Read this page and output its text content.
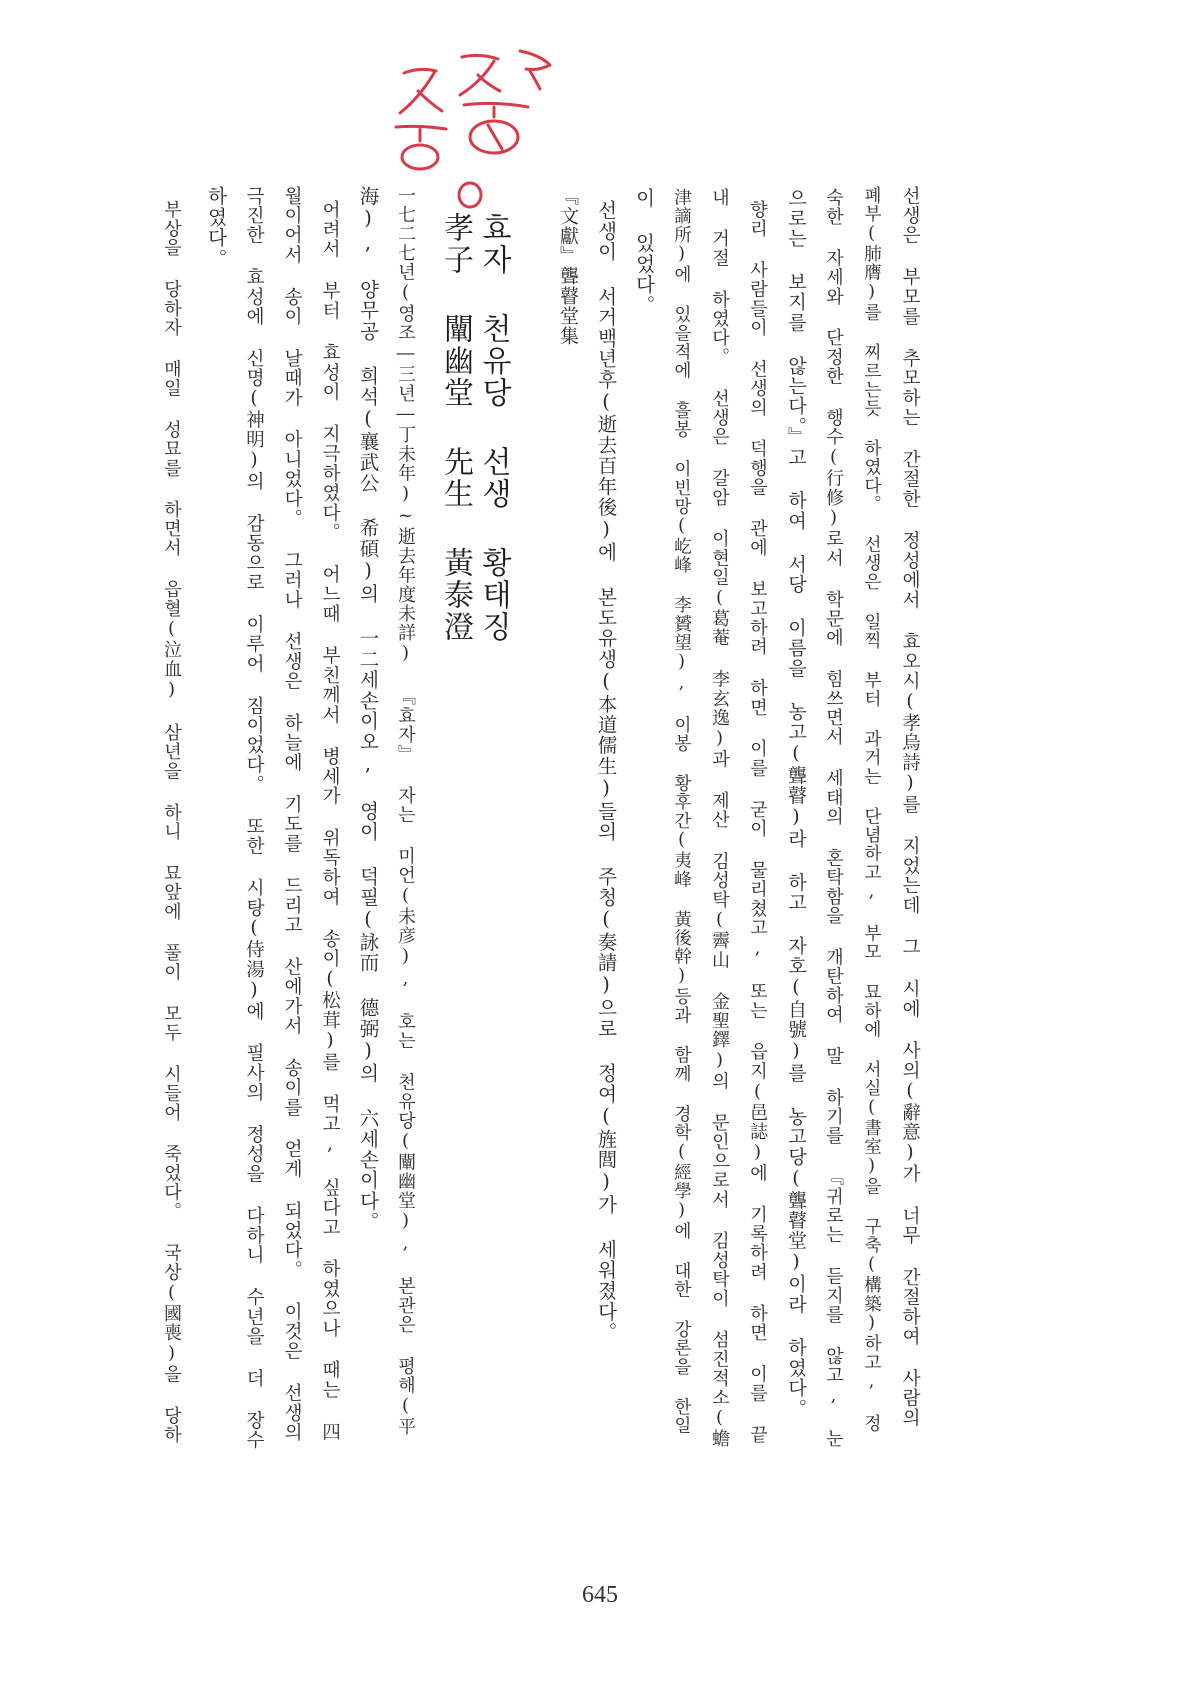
선생은 부모를 추모하는 간절한 정성에서 효오시(孝烏詩)를 지었는데 그 시에 사의(辭意)가 너무 간절하여 사람의
폐부(肺膺)를 찌르는듯 하였다。 선생은 일찍 부터 과거는 단념하고, 부모 묘하에 서실(書室)을 구축(構築)하고, 정
숙한 자세와 단정한 행수(行修)로서 학문에 힘쓰면서 세태의 혼탁함을 개탄하여 말 하기를 『귀로는 듣지를 않고, 눈
으로는 보지를 않는다。』고 하여 서당 이름을 농고(聾瞽)라 하고 자호(自號)를 농고당(聾瞽堂)이라 하였다。
향리 사람들이 선생의 덕행을 관에 보고하려 하면 이를 굳이 물리쳤고, 또는 읍지(邑誌)에 기록하려 하면 이를 끝
내 거절 하였다。 선생은 갈암 이현일(葛菴 李玄逸)과 제산 김성탁(霽山 金聖鐸)의 문인으로서 김성탁이 섬진적소(蟾
津謫所)에 있을적에 흘봉 이빈망(屹峰 李贇望), 이봉 황후간(夷峰 黃後幹)등과 함께 경학(經學)에 대한 강론을 한일
이 있었다。
선생이 서거백년후(逝去百年後)에 본도유생(本道儒生)들의 주청(奏請)으로 정여(旌閭)가 세워졌다。
『文獻』聾瞽堂集
효자 천유당 선생 황태징
孝子 闡幽堂 先生 黃泰澄
一七二七년(영조―三년―丁未年)~逝去年度未詳) 『효자』 자는 미언(未彦), 호는 천유당(闡幽堂), 본관은 평해(平
海), 양무공 희석(襄武公 希碩)의 一二세손이오, 영이 덕필(詠而 德弼)의 六세손이다。
어려서 부터 효성이 지극하였다。 어느때 부친께서 병세가 위독하여 송이(松茸)를 먹고, 싶다고 하였으나 때는 四
월이어서 송이 날때가 아니었다。 그러나 선생은 하늘에 기도를 드리고 산에가서 송이를 얻게 되었다。 이것은 선생의
극진한 효성에 신명(神明)의 감동으로 이루어 짐이었다。 또한 시탕(侍湯)에 필사의 정성을 다하니 수년을 더 장수
하였다。
부상을 당하자 매일 성묘를 하면서 읍혈(泣血) 삼년을 하니 묘앞에 풀이 모두 시들어 죽었다。 국상(國喪)을 당하
645
